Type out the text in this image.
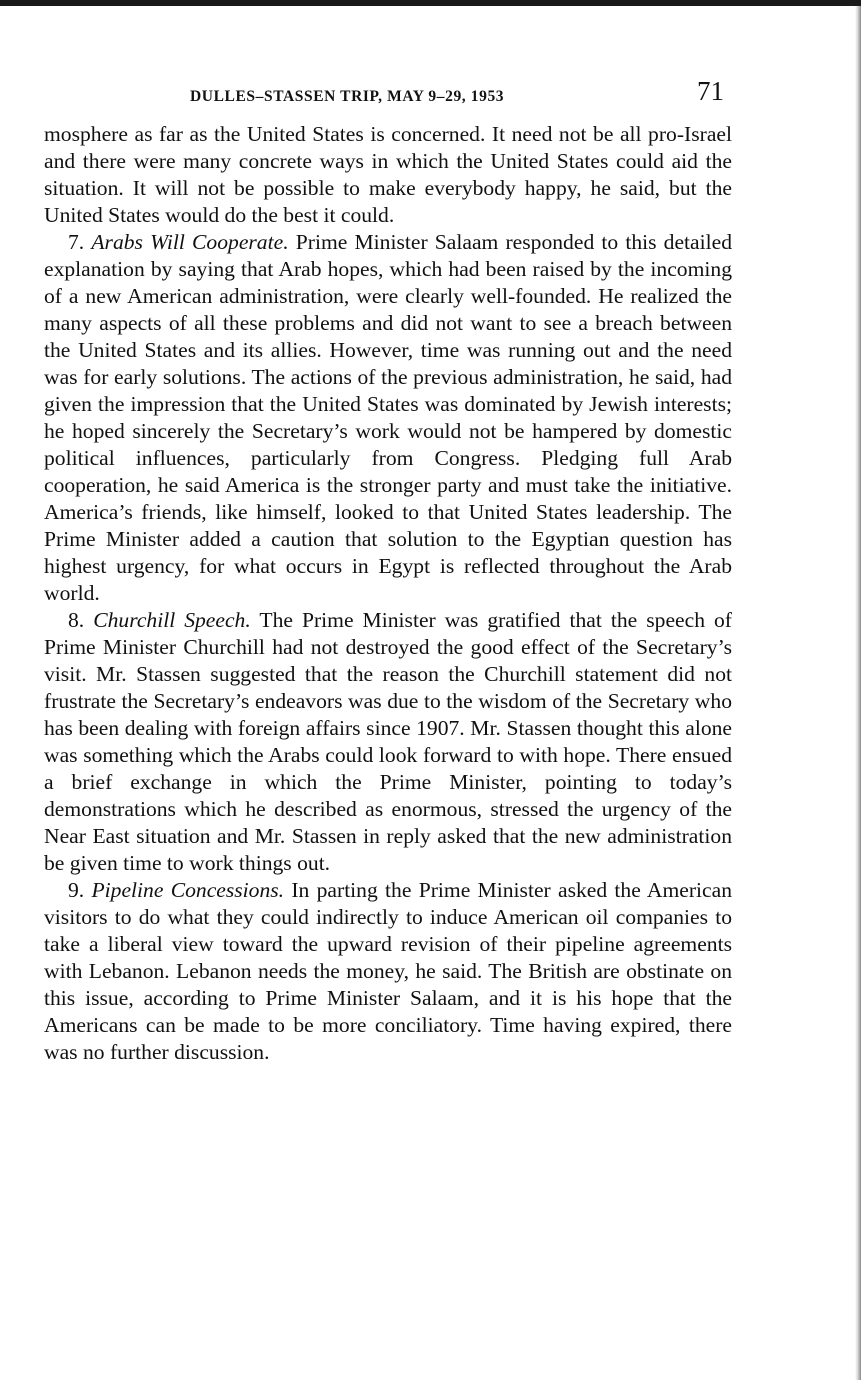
DULLES–STASSEN TRIP, MAY 9–29, 1953	71

mosphere as far as the United States is concerned. It need not be all pro-Israel and there were many concrete ways in which the United States could aid the situation. It will not be possible to make everybody happy, he said, but the United States would do the best it could.

7. Arabs Will Cooperate. Prime Minister Salaam responded to this detailed explanation by saying that Arab hopes, which had been raised by the incoming of a new American administration, were clearly well-founded. He realized the many aspects of all these problems and did not want to see a breach between the United States and its allies. However, time was running out and the need was for early solutions. The actions of the previous administration, he said, had given the impression that the United States was dominated by Jewish interests; he hoped sincerely the Secretary’s work would not be hampered by domestic political influences, particularly from Congress. Pledging full Arab cooperation, he said America is the stronger party and must take the initiative. America’s friends, like himself, looked to that United States leadership. The Prime Minister added a caution that solution to the Egyptian question has highest urgency, for what occurs in Egypt is reflected throughout the Arab world.

8. Churchill Speech. The Prime Minister was gratified that the speech of Prime Minister Churchill had not destroyed the good effect of the Secretary’s visit. Mr. Stassen suggested that the reason the Churchill statement did not frustrate the Secretary’s endeavors was due to the wisdom of the Secretary who has been dealing with foreign affairs since 1907. Mr. Stassen thought this alone was something which the Arabs could look forward to with hope. There ensued a brief exchange in which the Prime Minister, pointing to today’s demonstrations which he described as enormous, stressed the urgency of the Near East situation and Mr. Stassen in reply asked that the new administration be given time to work things out.

9. Pipeline Concessions. In parting the Prime Minister asked the American visitors to do what they could indirectly to induce American oil companies to take a liberal view toward the upward revision of their pipeline agreements with Lebanon. Lebanon needs the money, he said. The British are obstinate on this issue, according to Prime Minister Salaam, and it is his hope that the Americans can be made to be more conciliatory. Time having expired, there was no further discussion.
